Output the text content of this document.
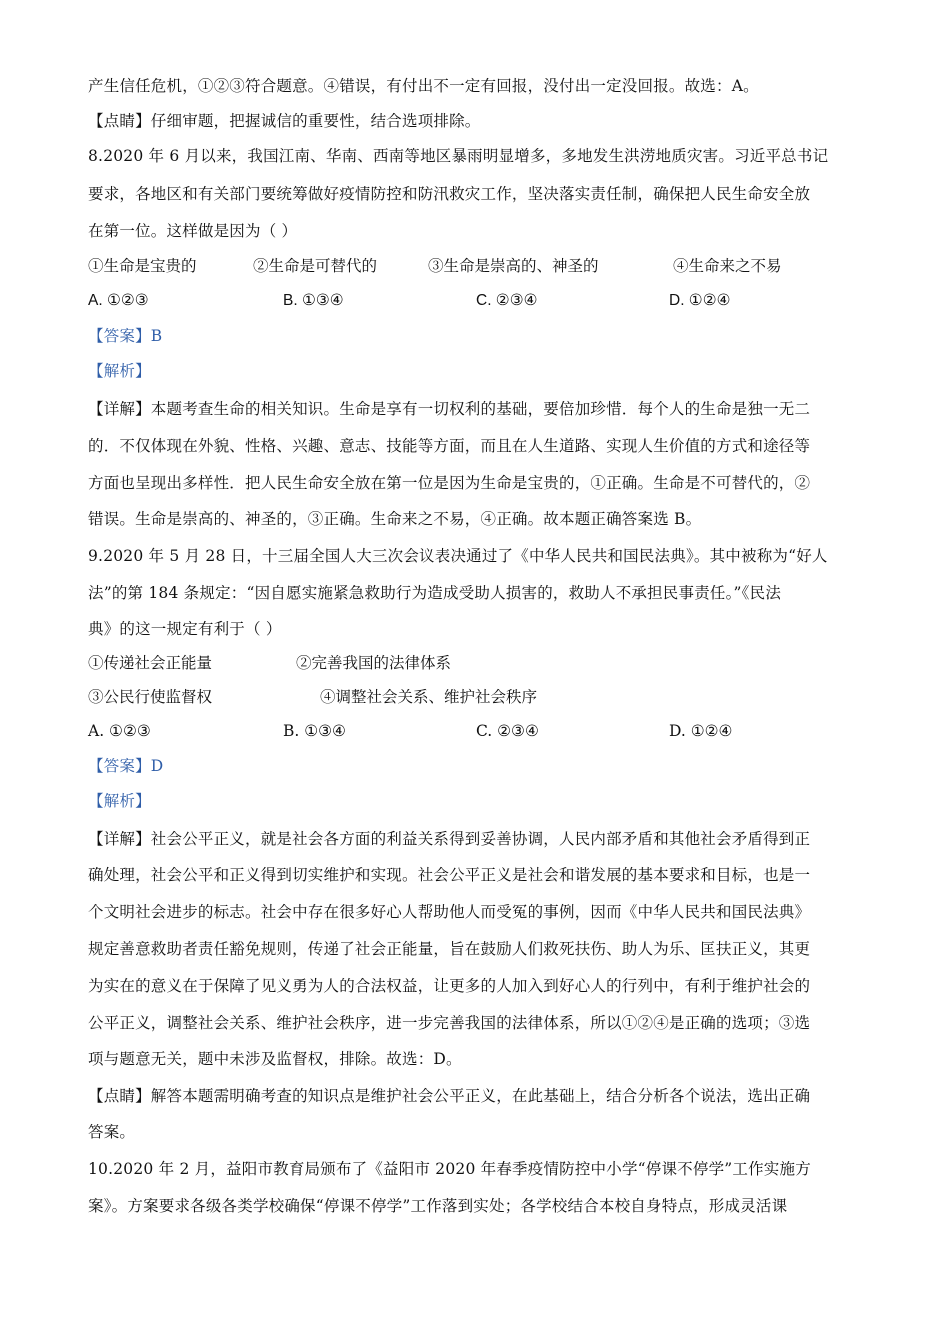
产生信任危机，①②③符合题意。④错误，有付出不一定有回报，没付出一定没回报。故选：A。
【点睛】仔细审题，把握诚信的重要性，结合选项排除。
8.2020 年 6 月以来，我国江南、华南、西南等地区暴雨明显增多，多地发生洪涝地质灾害。习近平总书记
要求，各地区和有关部门要统筹做好疫情防控和防汛救灾工作，坚决落实责任制，确保把人民生命安全放
在第一位。这样做是因为（ ）
①生命是宝贵的	②生命是可替代的	③生命是崇高的、神圣的	④生命来之不易
A. ①②③	B. ①③④	C. ②③④	D. ①②④
【答案】B
【解析】
【详解】本题考查生命的相关知识。生命是享有一切权利的基础，要倍加珍惜．每个人的生命是独一无二
的．不仅体现在外貌、性格、兴趣、意志、技能等方面，而且在人生道路、实现人生价值的方式和途径等
方面也呈现出多样性．把人民生命安全放在第一位是因为生命是宝贵的，①正确。生命是不可替代的，②
错误。生命是崇高的、神圣的，③正确。生命来之不易，④正确。故本题正确答案选 B。
9.2020 年 5 月 28 日，十三届全国人大三次会议表决通过了《中华人民共和国民法典》。其中被称为“好人
法”的第 184 条规定：“因自愿实施紧急救助行为造成受助人损害的，救助人不承担民事责任。”《民法
典》的这一规定有利于（ ）
①传递社会正能量	②完善我国的法律体系
③公民行使监督权	④调整社会关系、维护社会秩序
A. ①②③	B. ①③④	C. ②③④	D. ①②④
【答案】D
【解析】
【详解】社会公平正义，就是社会各方面的利益关系得到妥善协调，人民内部矛盾和其他社会矛盾得到正
确处理，社会公平和正义得到切实维护和实现。社会公平正义是社会和谐发展的基本要求和目标，也是一
个文明社会进步的标志。社会中存在很多好心人帮助他人而受冤的事例，因而《中华人民共和国民法典》
规定善意救助者责任豁免规则，传递了社会正能量，旨在鼓励人们救死扶伤、助人为乐、匡扶正义，其更
为实在的意义在于保障了见义勇为人的合法权益，让更多的人加入到好心人的行列中，有利于维护社会的
公平正义，调整社会关系、维护社会秩序，进一步完善我国的法律体系，所以①②④是正确的选项；③选
项与题意无关，题中未涉及监督权，排除。故选：D。
【点睛】解答本题需明确考查的知识点是维护社会公平正义，在此基础上，结合分析各个说法，选出正确
答案。
10.2020 年 2 月，益阳市教育局颁布了《益阳市 2020 年春季疫情防控中小学“停课不停学”工作实施方
案》。方案要求各级各类学校确保“停课不停学”工作落到实处；各学校结合本校自身特点，形成灵活课
